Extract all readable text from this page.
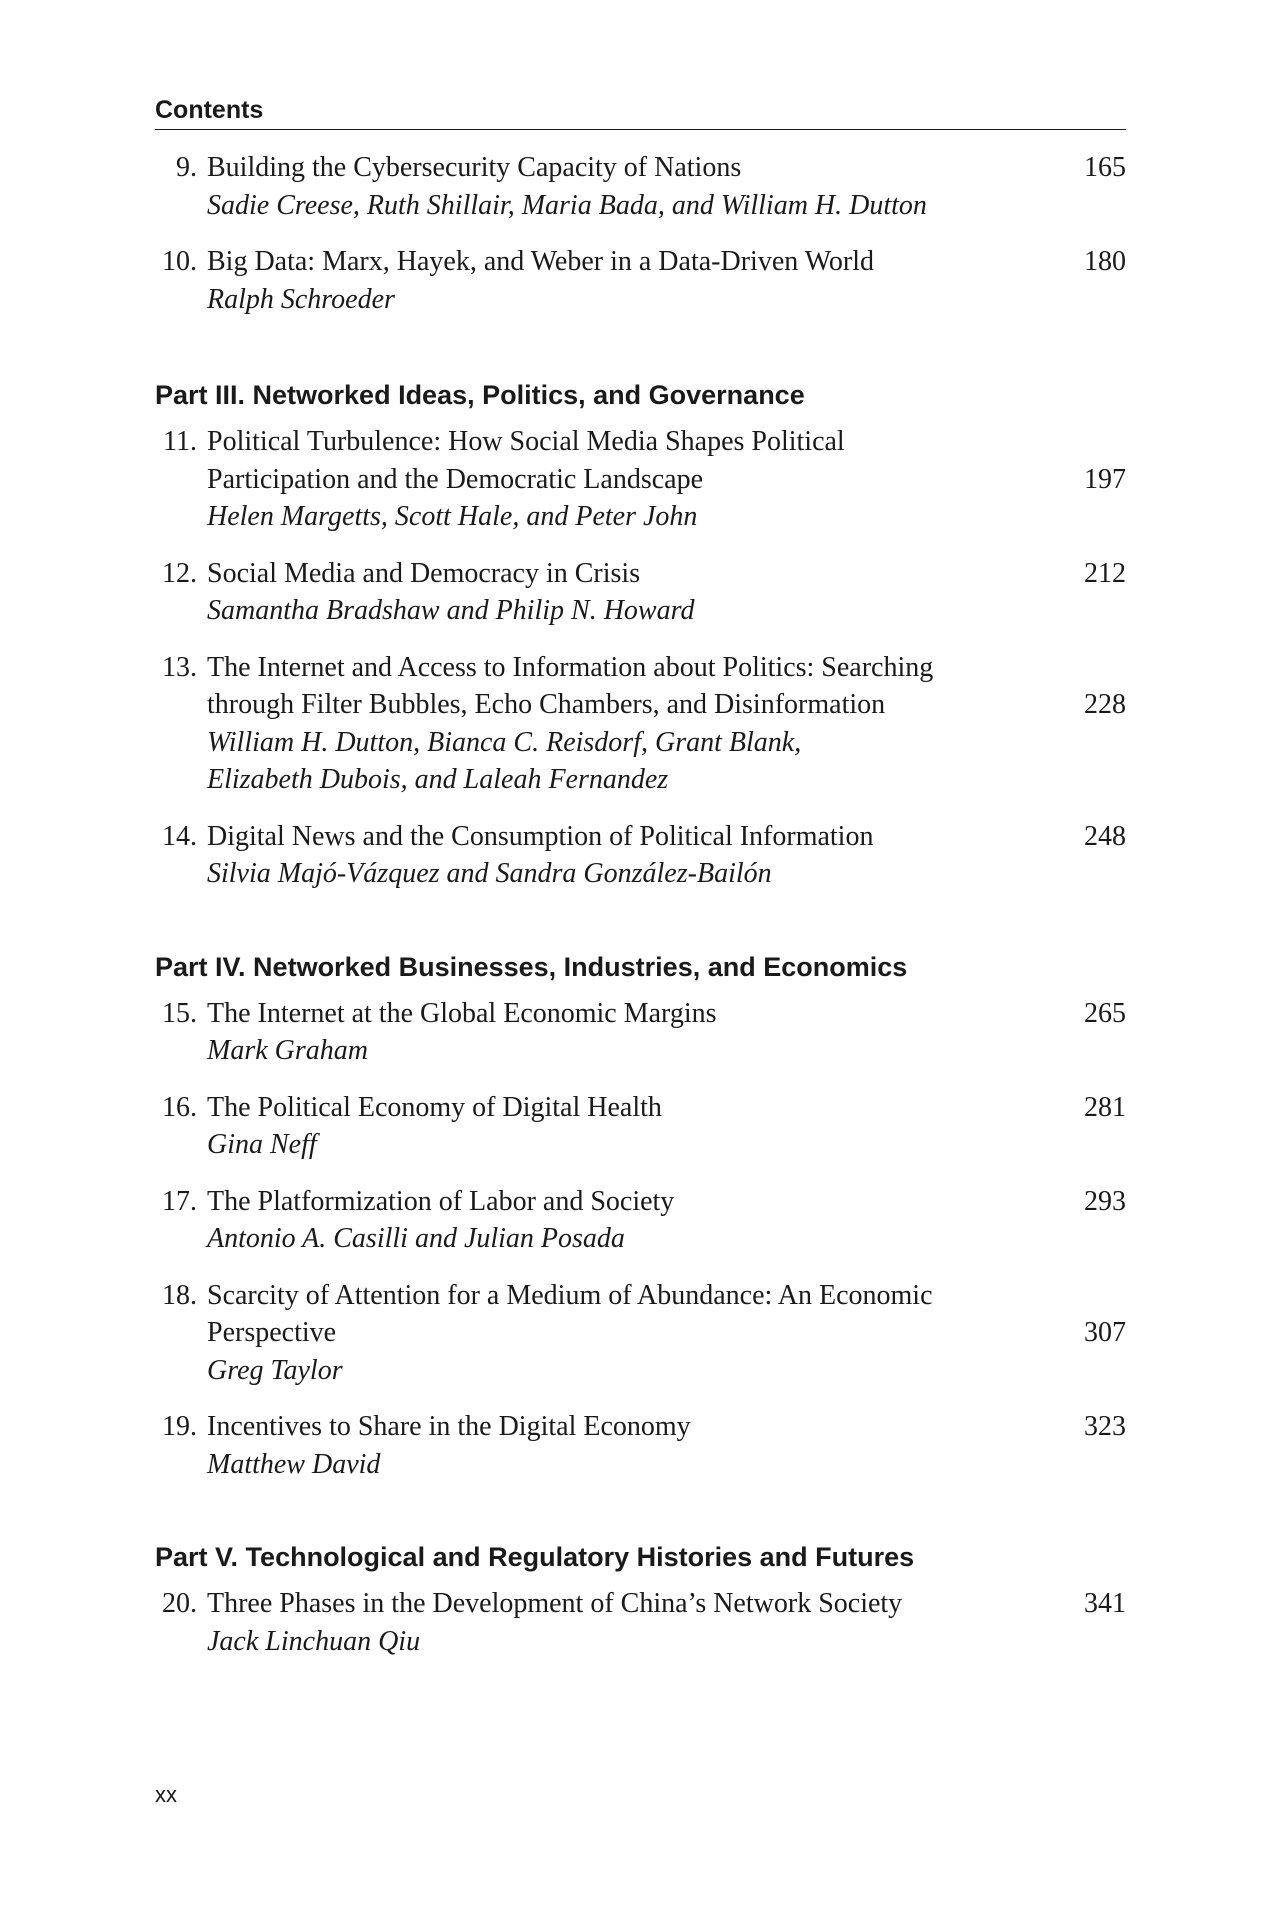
Contents
9. Building the Cybersecurity Capacity of Nations
Sadie Creese, Ruth Shillair, Maria Bada, and William H. Dutton
165
10. Big Data: Marx, Hayek, and Weber in a Data-Driven World
Ralph Schroeder
180
Part III. Networked Ideas, Politics, and Governance
11. Political Turbulence: How Social Media Shapes Political
Participation and the Democratic Landscape
Helen Margetts, Scott Hale, and Peter John
197
12. Social Media and Democracy in Crisis
Samantha Bradshaw and Philip N. Howard
212
13. The Internet and Access to Information about Politics: Searching
through Filter Bubbles, Echo Chambers, and Disinformation
William H. Dutton, Bianca C. Reisdorf, Grant Blank,
Elizabeth Dubois, and Laleah Fernandez
228
14. Digital News and the Consumption of Political Information
Silvia Majó-Vázquez and Sandra González-Bailón
248
Part IV. Networked Businesses, Industries, and Economics
15. The Internet at the Global Economic Margins
Mark Graham
265
16. The Political Economy of Digital Health
Gina Neff
281
17. The Platformization of Labor and Society
Antonio A. Casilli and Julian Posada
293
18. Scarcity of Attention for a Medium of Abundance: An Economic
Perspective
Greg Taylor
307
19. Incentives to Share in the Digital Economy
Matthew David
323
Part V. Technological and Regulatory Histories and Futures
20. Three Phases in the Development of China’s Network Society
Jack Linchuan Qiu
341
xx
